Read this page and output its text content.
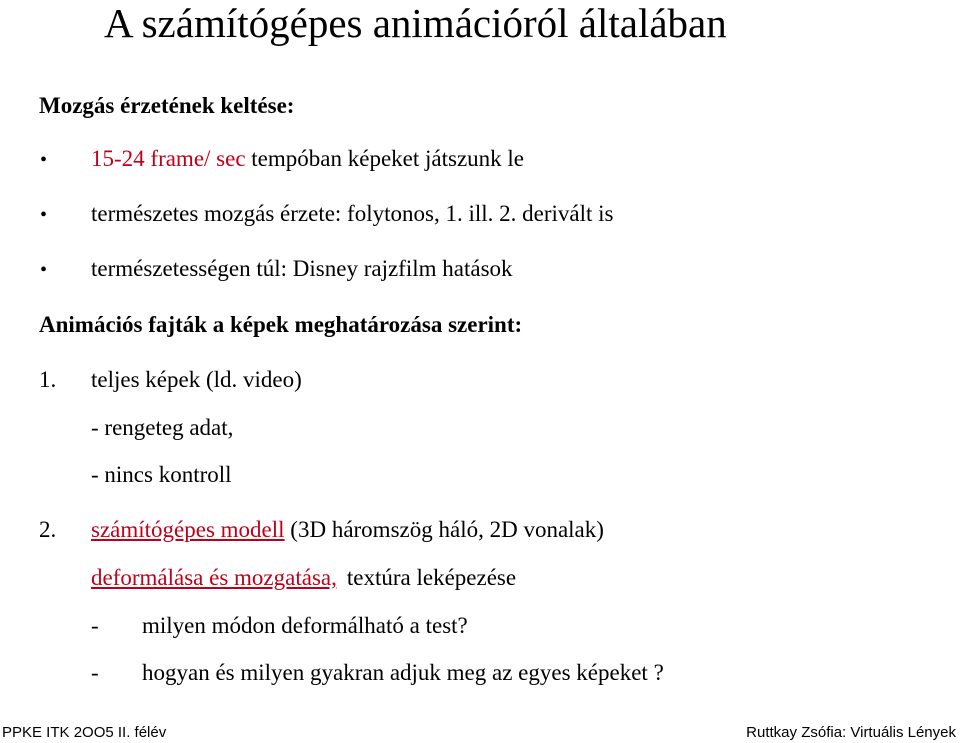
A számítógépes animációról általában
Mozgás érzetének keltése:
• 15-24 frame/ sec tempóban képeket játszunk le
• természetes mozgás érzete: folytonos, 1. ill. 2. derivált is
• természetességen túl: Disney rajzfilm hatások
Animációs fajták a képek meghatározása szerint:
1. teljes képek (ld. video)
- rengeteg adat,
- nincs kontroll
2. számítógépes modell (3D háromszög háló, 2D vonalak)
deformálása és mozgatása, textúra leképezése
- milyen módon deformálható a test?
- hogyan és milyen gyakran adjuk meg az egyes képeket ?
PPKE ITK 2OO5 II. félév	Ruttkay Zsófia: Virtuális Lények
